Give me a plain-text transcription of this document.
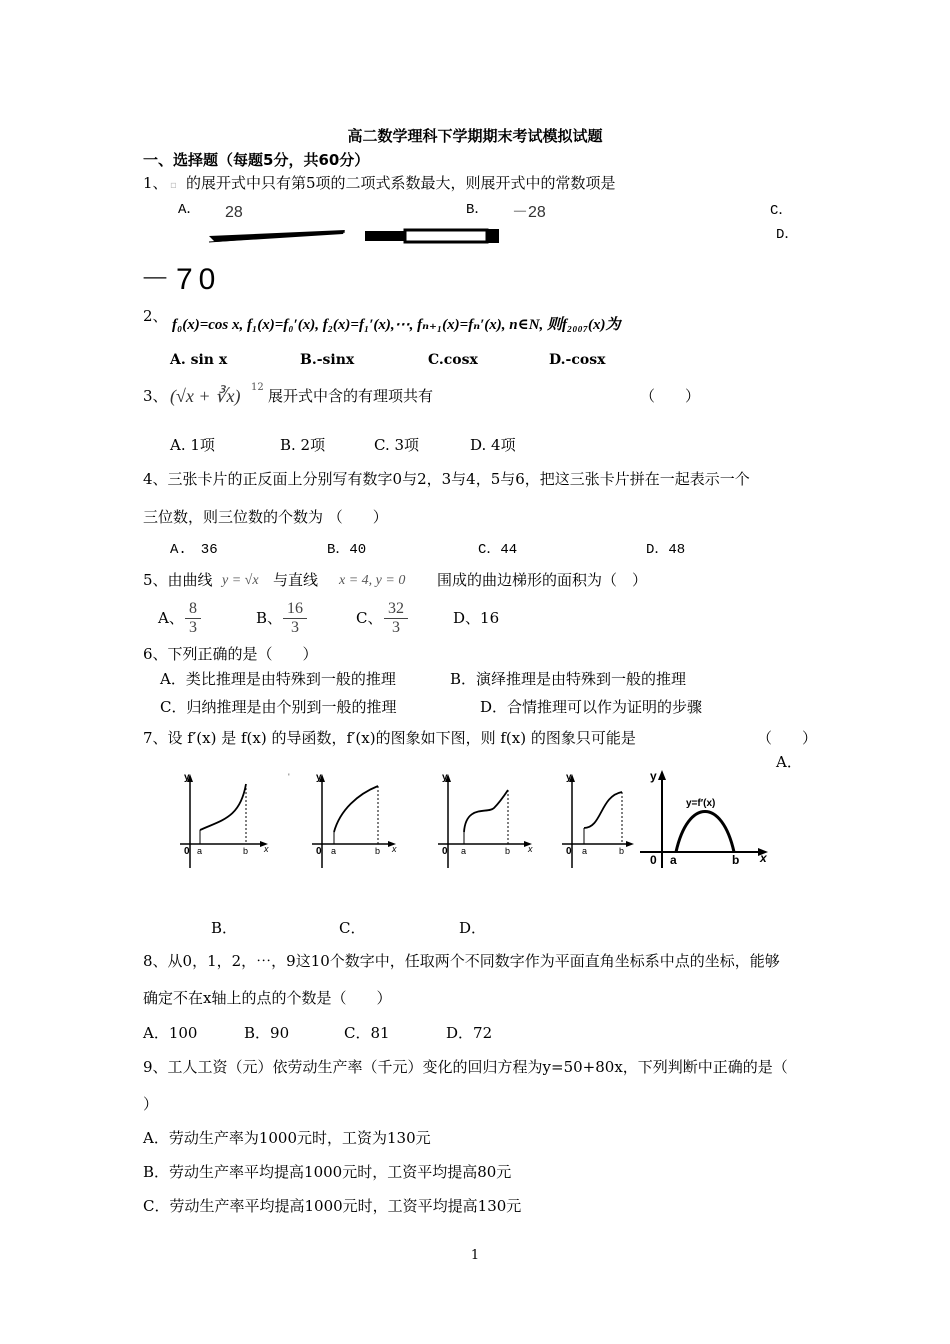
高二数学理科下学期期末考试模拟试题
一、选择题（每题5分，共60分）
1、 ▫ 的展开式中只有第5项的二项式系数最大，则展开式中的常数项是
A． 28	B． －28	C．
D．
－70
2、 f₀(x)=cos x, f₁(x)=f₀′(x), f₂(x)=f₁′(x),⋯, fₙ₊₁(x)=fₙ′(x), n∈N, 则f₂₀₀₇(x)为
A. sin x	B.-sinx	C.cosx	D.-cosx
3、 (√x + ∛x) 12 展开式中含的有理项共有	（　　）
A. 1项	B. 2项	C. 3项	D. 4项
4、三张卡片的正反面上分别写有数字0与2，3与4，5与6，把这三张卡片拼在一起表示一个
三位数，则三位数的个数为 （　　）
A.　36	B．40	C．44	D．48
5、由曲线 y = √x 与直线 x = 4, y = 0 围成的曲边梯形的面积为（　）
A、 $\frac{8}{3}$	B、 $\frac{16}{3}$	C、 $\frac{32}{3}$	D、16
6、下列正确的是（　　）
A．类比推理是由特殊到一般的推理	B．演绎推理是由特殊到一般的推理
C．归纳推理是由个别到一般的推理	D．合情推理可以作为证明的步骤
7、设 f′(x) 是 f(x) 的导函数，f′(x)的图象如下图，则 f(x) 的图象只可能是	（　　）
A．
y
0 a	b x
ʹ	y
0 a	b x
y
0 a	b x
y
0 a	b
y
y=f′(x)
0 a	b x
B．	C．	D．
8、从0，1，2，⋯，9这10个数字中，任取两个不同数字作为平面直角坐标系中点的坐标，能够
确定不在x轴上的点的个数是（　　）
A．100	B．90	C．81	D．72
9、工人工资（元）依劳动生产率（千元）变化的回归方程为y=50+80x，下列判断中正确的是（
）
A．劳动生产率为1000元时，工资为130元
B．劳动生产率平均提高1000元时，工资平均提高80元
C．劳动生产率平均提高1000元时，工资平均提高130元
1
